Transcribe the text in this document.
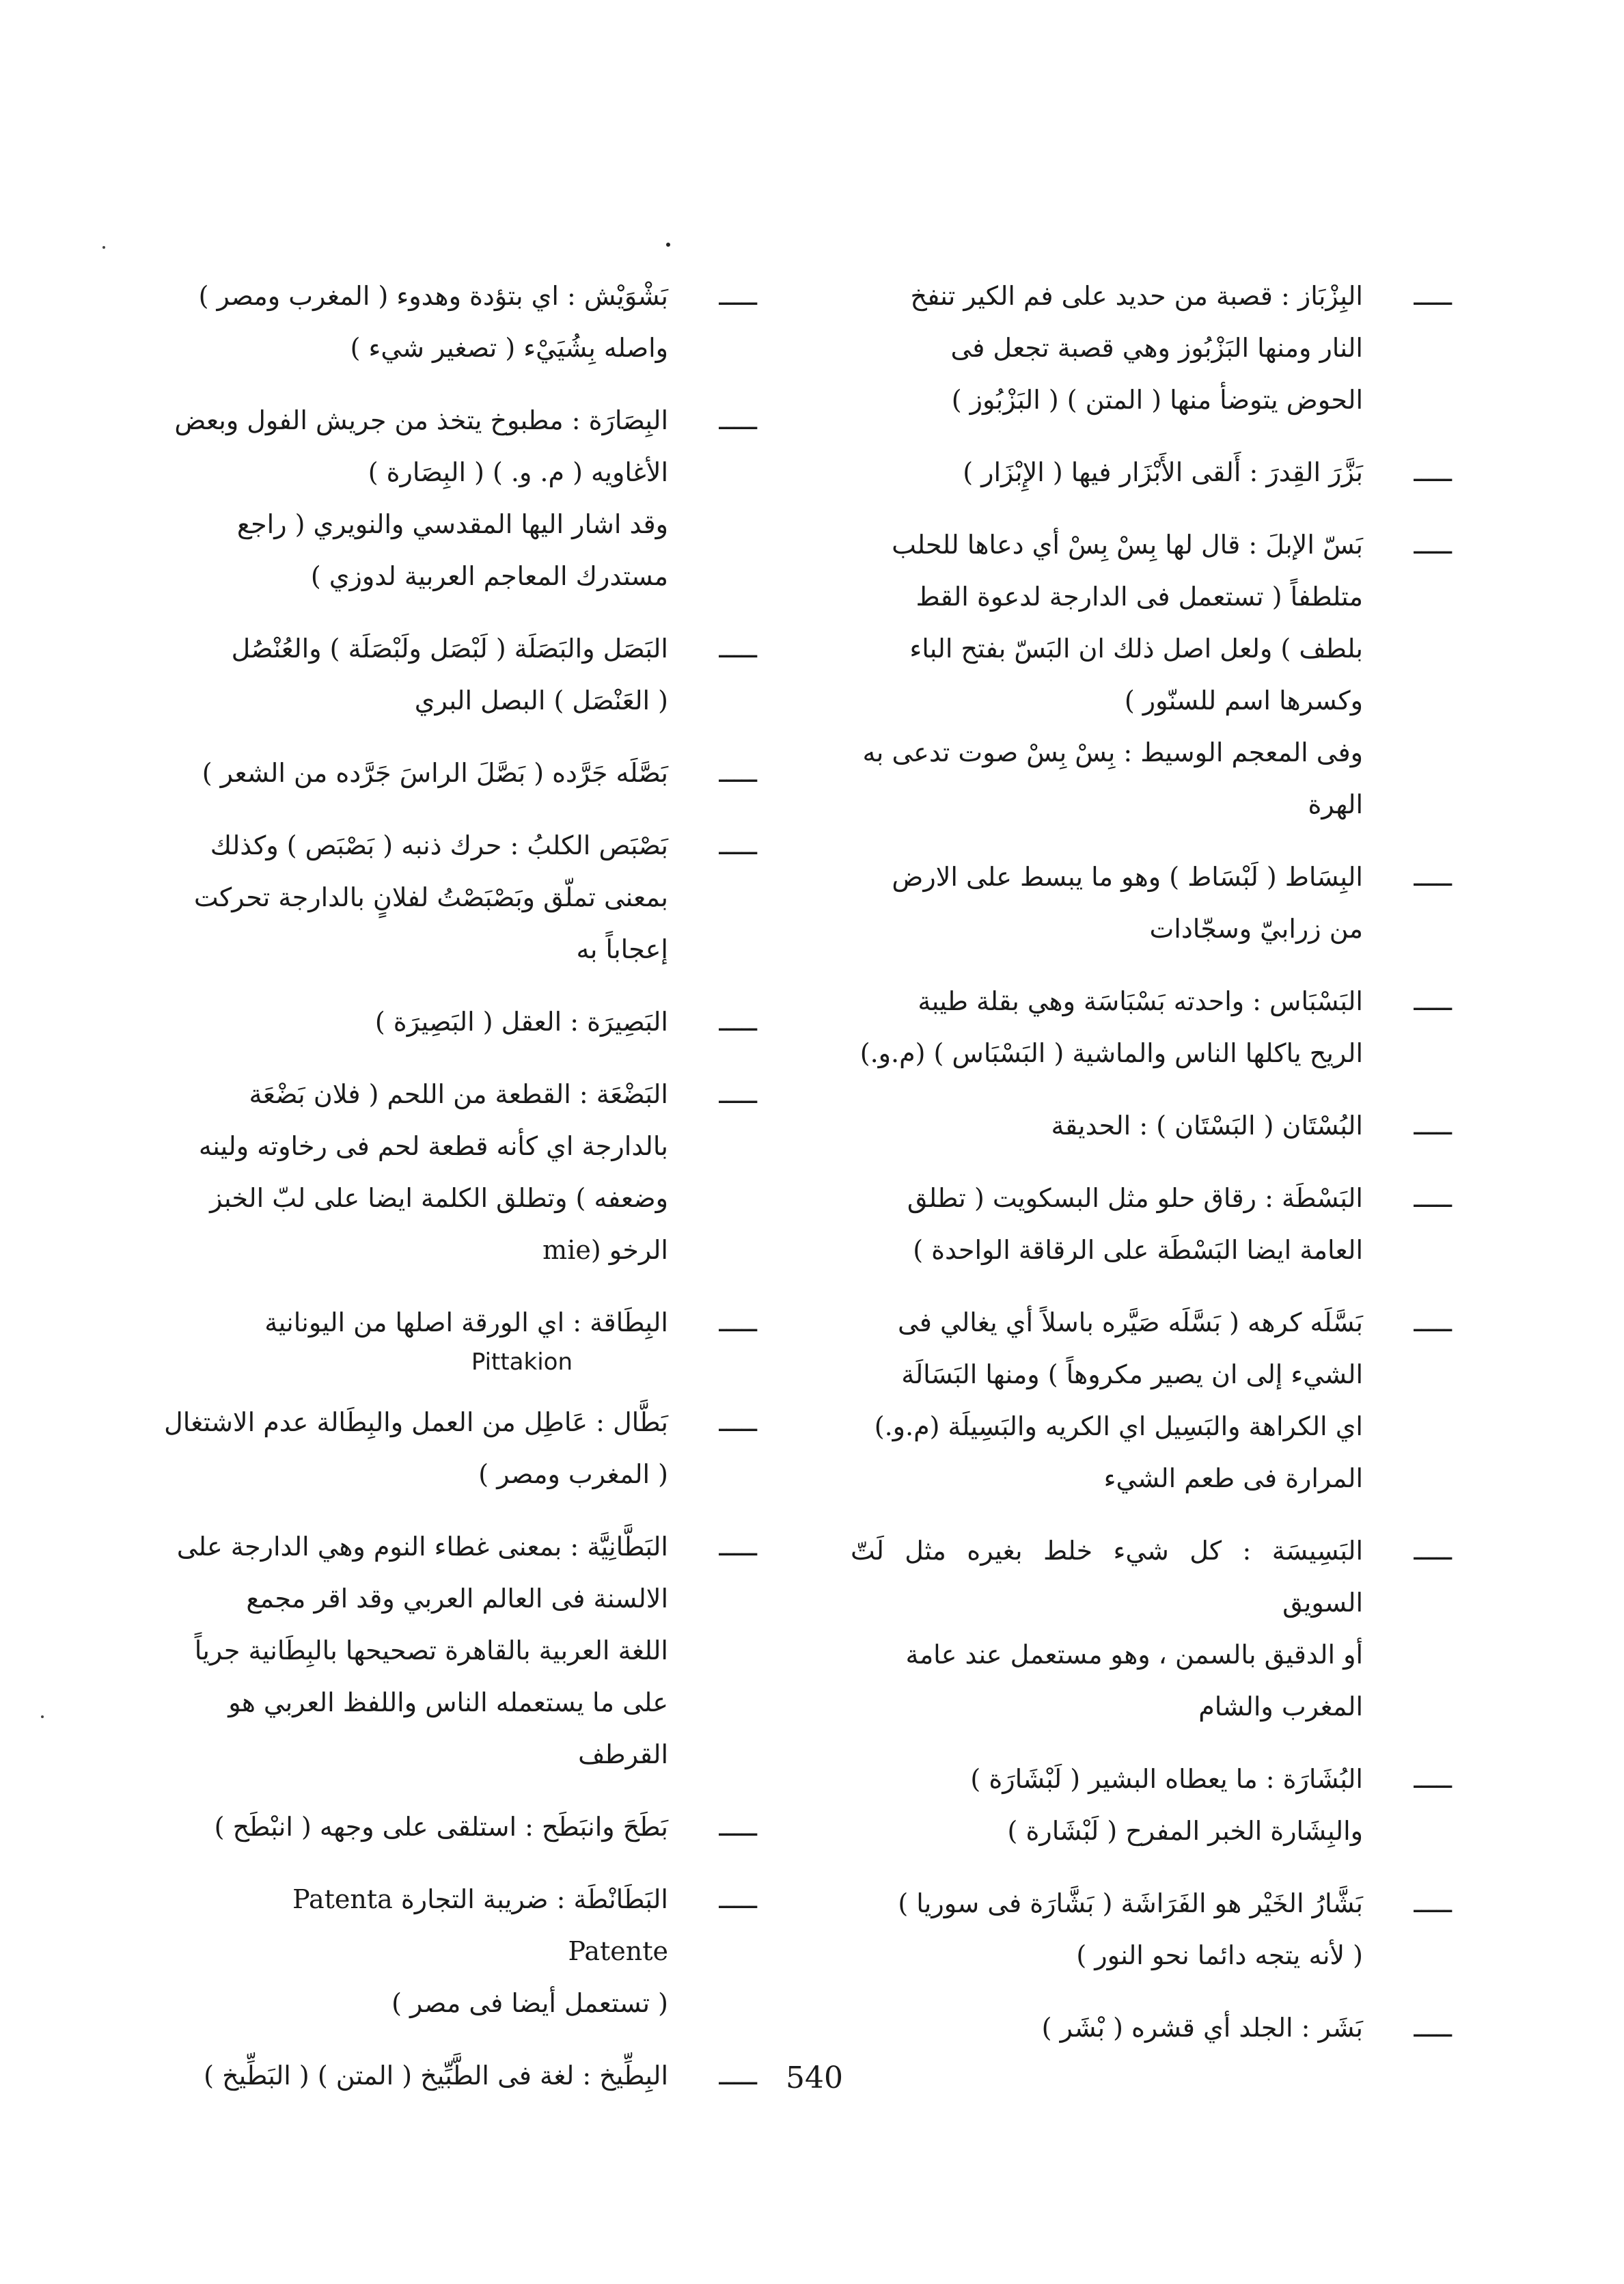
ـــــ
البِزْبَاز : قصبة من حديد على فم الكير تنفخ
النار ومنها البَزْبُوز وهي قصبة تجعل فى
الحوض يتوضأ منها ( المتن ) ( البَزْبُوز )
ـــــ
بَزَّرَ القِدرَ : أَلقى الأَبْزَار فيها ( الإِبْزَار )
ـــــ
بَسّ الإبلَ : قال لها بِسْ بِسْ أي دعاها للحلب
متلطفاً ( تستعمل فى الدارجة لدعوة القط
بلطف ) ولعل اصل ذلك ان البَسّ بفتح الباء
وكسرها اسم للسنّور )
وفى المعجم الوسيط : بِسْ بِسْ صوت تدعى به
الهرة
ـــــ
البِسَاط ( لَبْسَاط ) وهو ما يبسط على الارض
من زرابيّ وسجّادات
ـــــ
البَسْبَاس : واحدته بَسْبَاسَة وهي بقلة طيبة
الريح ياكلها الناس والماشية ( البَسْبَاس ) (م.و.)
ـــــ
البُسْتَان ( البَسْتَان ) : الحديقة
ـــــ
البَسْطَة : رقاق حلو مثل البسكويت ( تطلق
العامة ايضا البَسْطَة على الرقاقة الواحدة )
ـــــ
بَسَّلَه كرهه ( بَسَّلَه صَيَّره باسلاً أي يغالي فى
الشيء إلى ان يصير مكروهاً ) ومنها البَسَالَة
اي الكراهة والبَسِيل اي الكريه والبَسِيلَة (م.و.)
المرارة فى طعم الشيء
ـــــ
البَسِيسَة : كل شيء خلط بغيره مثل لَتّ السويق
أو الدقيق بالسمن ، وهو مستعمل عند عامة
المغرب والشام
ـــــ
البُشَارَة : ما يعطاه البشير ( لَبْشَارَة )
والبِشَارة الخبر المفرح ( لَبْشَارة )
ـــــ
بَشَّارُ الخَيْر هو الفَرَاشَة ( بَشَّارَة فى سوريا )
( لأنه يتجه دائما نحو النور )
ـــــ
بَشَر : الجلد أي قشره ( بْشَر )
ـــــ
بَشْوَيْش : اي بتؤدة وهدوء ( المغرب ومصر )
واصله بِشُيَيْء ( تصغير شيء )
ـــــ
البِصَارَة : مطبوخ يتخذ من جريش الفول وبعض
الأغاويه ( م. و. ) ( البِصَارة )
وقد اشار اليها المقدسي والنويري ( راجع
مستدرك المعاجم العربية لدوزي )
ـــــ
البَصَل والبَصَلَة ( لَبْصَل ولَبْصَلَة ) والعُنْصُل
( العَنْصَل ) البصل البري
ـــــ
بَصَّلَه جَرَّده ( بَصَّلَ الراسَ جَرَّده من الشعر )
ـــــ
بَصْبَص الكلبُ : حرك ذنبه ( بَصْبَص ) وكذلك
بمعنى تملّق وبَصْبَصْتُ لفلانٍ بالدارجة تحركت
إعجاباً به
ـــــ
البَصِيرَة : العقل ( البَصِيرَة )
ـــــ
البَضْعَة : القطعة من اللحم ( فلان بَضْعَة
بالدارجة اي كأنه قطعة لحم فى رخاوته ولينه
وضعفه ) وتطلق الكلمة ايضا على لبّ الخبز
الرخو (mie
ـــــ
البِطَاقة : اي الورقة اصلها من اليونانية
Pittakion
ـــــ
بَطَّال : عَاطِل من العمل والبِطَالة عدم الاشتغال
( المغرب ومصر )
ـــــ
البَطَّانِيَّة : بمعنى غطاء النوم وهي الدارجة على
الالسنة فى العالم العربي وقد اقر مجمع
اللغة العربية بالقاهرة تصحيحها بالبِطَانية جرياً
على ما يستعمله الناس واللفظ العربي هو
القرطف
ـــــ
بَطَحَ وانبَطَح : استلقى على وجهه ( انبْطَح )
ـــــ
البَطَانْطَة : ضريبة التجارة Patenta
Patente
( تستعمل أيضا فى مصر )
ـــــ
البِطِّيخ : لغة فى الطَّبِّيخ ( المتن ) ( البَطِّيخ )	540
